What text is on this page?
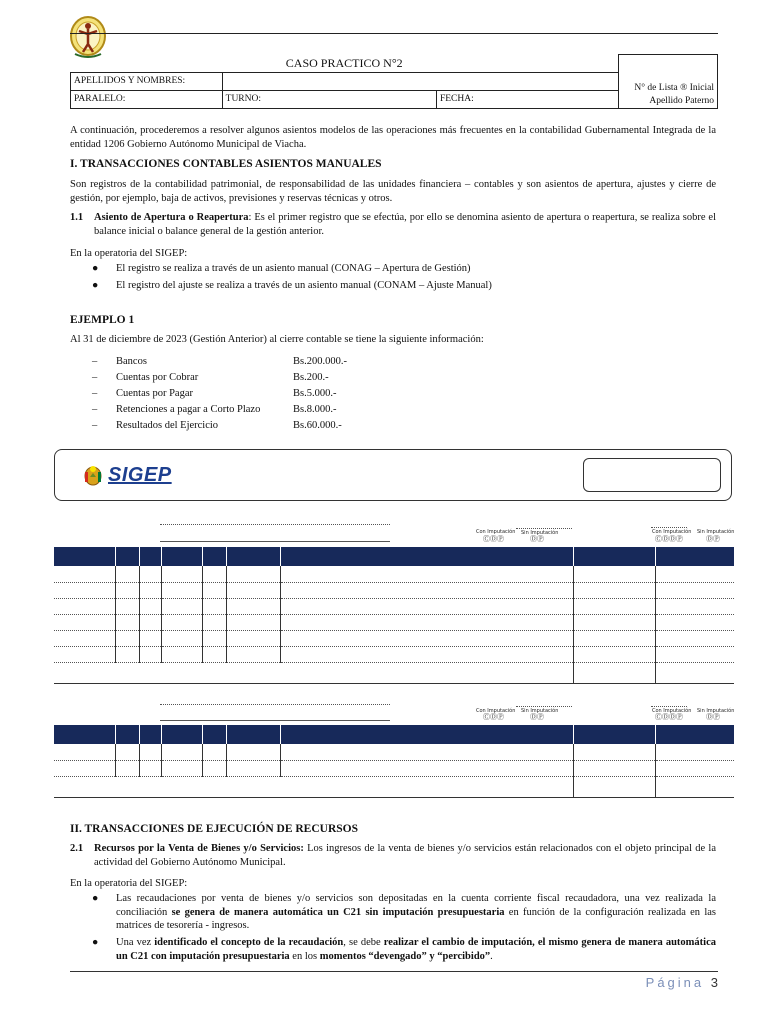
CASO PRACTICO N°2			N° de Lista ® Inicial Apellido Paterno
APELLIDOS Y NOMBRES:			
PARALELO:	TURNO:	FECHA:
A continuación, procederemos a resolver algunos asientos modelos de las operaciones más frecuentes en la contabilidad Gubernamental Integrada de la entidad 1206 Gobierno Autónomo Municipal de Viacha.
I. TRANSACCIONES CONTABLES ASIENTOS MANUALES
Son registros de la contabilidad patrimonial, de responsabilidad de las unidades financiera – contables y son asientos de apertura, ajustes y cierre de gestión, por ejemplo, baja de activos, previsiones y reservas técnicas y otros.
1.1 Asiento de Apertura o Reapertura: Es el primer registro que se efectúa, por ello se denomina asiento de apertura o reapertura, se realiza sobre el balance inicial o balance general de la gestión anterior.
En la operatoria del SIGEP:
● El registro se realiza a través de un asiento manual (CONAG – Apertura de Gestión)
● El registro del ajuste se realiza a través de un asiento manual (CONAM – Ajuste Manual)
EJEMPLO 1
Al 31 de diciembre de 2023 (Gestión Anterior) al cierre contable se tiene la siguiente información:
–	Bancos	Bs.200.000.-
–	Cuentas por Cobrar	Bs.200.-
–	Cuentas por Pagar	Bs.5.000.-
–	Retenciones a pagar a Corto Plazo	Bs.8.000.-
–	Resultados del Ejercicio	Bs.60.000.-
SIGEP
Con Imputación Sin Imputación
ⒸⒹⓅ	ⒹⓅ
Con Imputación Sin Imputación
ⒸⒹⒹⓅ	ⒹⓅ

Con Imputación Sin Imputación
ⒸⒹⓅ	ⒹⓅ
Con Imputación Sin Imputación
ⒸⒹⒹⓅ	ⒹⓅ

II. TRANSACCIONES DE EJECUCIÓN DE RECURSOS
2.1 Recursos por la Venta de Bienes y/o Servicios: Los ingresos de la venta de bienes y/o servicios están relacionados con el objeto principal de la actividad del Gobierno Autónomo Municipal.
En la operatoria del SIGEP:
● Las recaudaciones por venta de bienes y/o servicios son depositadas en la cuenta corriente fiscal recaudadora, una vez realizada la conciliación se genera de manera automática un C21 sin imputación presupuestaria en función de la configuración realizada en las matrices de tesorería - ingresos.
● Una vez identificado el concepto de la recaudación, se debe realizar el cambio de imputación, el mismo genera de manera automática un C21 con imputación presupuestaria en los momentos “devengado” y “percibido”.
Página 3
